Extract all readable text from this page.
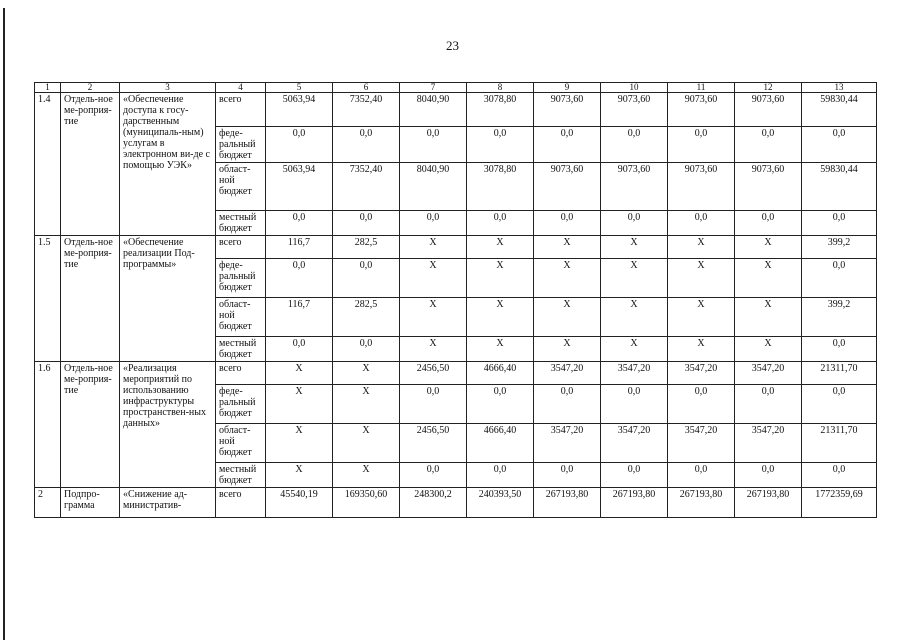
23
1	2	3	4	5	6	7	8	9	10	11	12	13
1.4	Отдель-ное ме-роприя-тие	«Обеспечение доступа к госу-дарственным (муниципаль-ным) услугам в электронном ви-де с помощью УЭК»	всего	5063,94	7352,40	8040,90	3078,80	9073,60	9073,60	9073,60	9073,60	59830,44
			феде-ральный бюджет	0,0	0,0	0,0	0,0	0,0	0,0	0,0	0,0	0,0
			област-ной бюджет	5063,94	7352,40	8040,90	3078,80	9073,60	9073,60	9073,60	9073,60	59830,44
			местный бюджет	0,0	0,0	0,0	0,0	0,0	0,0	0,0	0,0	0,0
1.5	Отдель-ное ме-роприя-тие	«Обеспечение реализации Под-программы»	всего	116,7	282,5	X	X	X	X	X	X	399,2
			феде-ральный бюджет	0,0	0,0	X	X	X	X	X	X	0,0
			област-ной бюджет	116,7	282,5	X	X	X	X	X	X	399,2
			местный бюджет	0,0	0,0	X	X	X	X	X	X	0,0
1.6	Отдель-ное ме-роприя-тие	«Реализация мероприятий по использованию инфраструктуры пространствен-ных данных»	всего	X	X	2456,50	4666,40	3547,20	3547,20	3547,20	3547,20	21311,70
			феде-ральный бюджет	X	X	0,0	0,0	0,0	0,0	0,0	0,0	0,0
			област-ной бюджет	X	X	2456,50	4666,40	3547,20	3547,20	3547,20	3547,20	21311,70
			местный бюджет	X	X	0,0	0,0	0,0	0,0	0,0	0,0	0,0
2	Подпро-грамма	«Снижение ад-министратив-	всего	45540,19	169350,60	248300,2	240393,50	267193,80	267193,80	267193,80	267193,80	1772359,69
